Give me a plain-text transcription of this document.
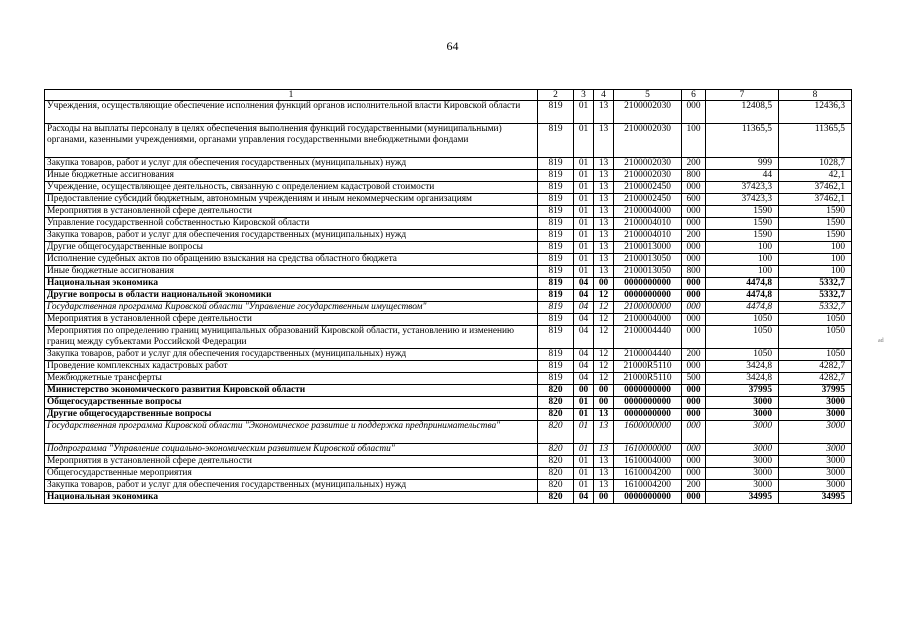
64
1	2	3	4	5	6	7	8
Учреждения, осуществляющие обеспечение исполнения функций органов исполнительной власти Кировской области	819	01	13	2100002030	000	12408,5	12436,3
Расходы на выплаты персоналу в целях обеспечения выполнения функций государственными (муниципальными) органами, казенными учреждениями, органами управления государственными внебюджетными фондами	819	01	13	2100002030	100	11365,5	11365,5
Закупка товаров, работ и услуг для обеспечения государственных (муниципальных) нужд	819	01	13	2100002030	200	999	1028,7
Иные бюджетные ассигнования	819	01	13	2100002030	800	44	42,1
Учреждение, осуществляющее деятельность, связанную с определением кадастровой стоимости	819	01	13	2100002450	000	37423,3	37462,1
Предоставление субсидий бюджетным, автономным учреждениям и иным некоммерческим организациям	819	01	13	2100002450	600	37423,3	37462,1
Мероприятия в установленной сфере деятельности	819	01	13	2100004000	000	1590	1590
Управление государственной собственностью Кировской области	819	01	13	2100004010	000	1590	1590
Закупка товаров, работ и услуг для обеспечения государственных (муниципальных) нужд	819	01	13	2100004010	200	1590	1590
Другие общегосударственные вопросы	819	01	13	2100013000	000	100	100
Исполнение судебных актов по обращению взыскания на средства областного бюджета	819	01	13	2100013050	000	100	100
Иные бюджетные ассигнования	819	01	13	2100013050	800	100	100
Национальная экономика	819	04	00	0000000000	000	4474,8	5332,7
Другие вопросы в области национальной экономики	819	04	12	0000000000	000	4474,8	5332,7
Государственная программа Кировской области "Управление государственным имуществом"	819	04	12	2100000000	000	4474,8	5332,7
Мероприятия в установленной сфере деятельности	819	04	12	2100004000	000	1050	1050
Мероприятия по определению границ муниципальных образований Кировской области, установлению и изменению границ между субъектами Российской Федерации	819	04	12	2100004440	000	1050	1050
Закупка товаров, работ и услуг для обеспечения государственных (муниципальных) нужд	819	04	12	2100004440	200	1050	1050
Проведение комплексных кадастровых работ	819	04	12	21000R5110	000	3424,8	4282,7
Межбюджетные трансферты	819	04	12	21000R5110	500	3424,8	4282,7
Министерство экономического развития Кировской области	820	00	00	0000000000	000	37995	37995
Общегосударственные вопросы	820	01	00	0000000000	000	3000	3000
Другие общегосударственные вопросы	820	01	13	0000000000	000	3000	3000
Государственная программа Кировской области "Экономическое развитие и поддержка предпринимательства"	820	01	13	1600000000	000	3000	3000
Подпрограмма "Управление социально-экономическим развитием Кировской области"	820	01	13	1610000000	000	3000	3000
Мероприятия в установленной сфере деятельности	820	01	13	1610004000	000	3000	3000
Общегосударственные мероприятия	820	01	13	1610004200	000	3000	3000
Закупка товаров, работ и услуг для обеспечения государственных (муниципальных) нужд	820	01	13	1610004200	200	3000	3000
Национальная экономика	820	04	00	0000000000	000	34995	34995
ad
